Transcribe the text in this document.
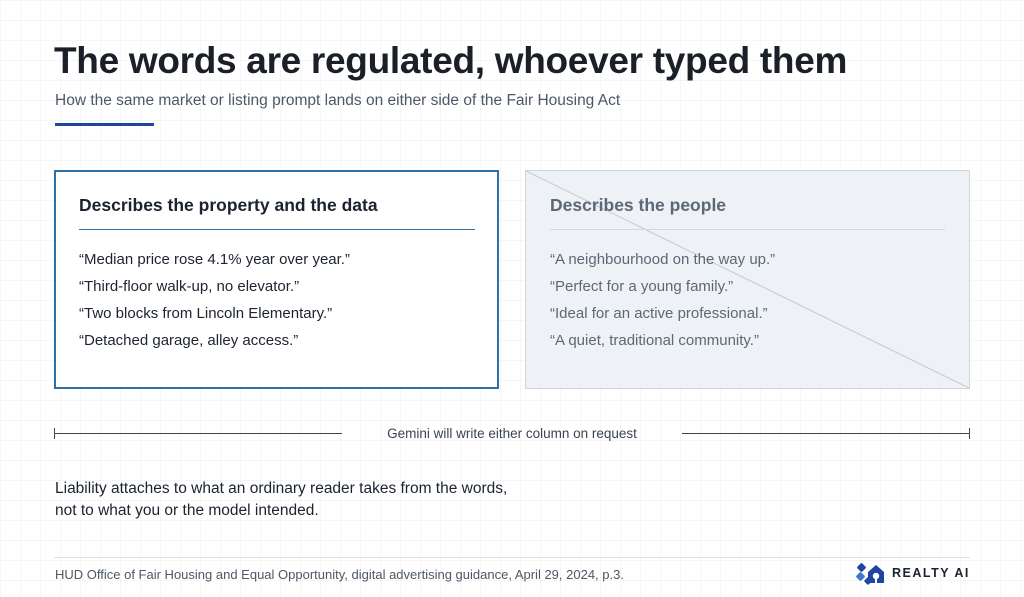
The words are regulated, whoever typed them

How the same market or listing prompt lands on either side of the Fair Housing Act

Describes the property and the data
“Median price rose 4.1% year over year.”
“Third-floor walk-up, no elevator.”
“Two blocks from Lincoln Elementary.”
“Detached garage, alley access.”
Describes the people
“A neighbourhood on the way up.”
“Perfect for a young family.”
“Ideal for an active professional.”
“A quiet, traditional community.”
Gemini will write either column on request

Liability attaches to what an ordinary reader takes from the words,
not to what you or the model intended.

HUD Office of Fair Housing and Equal Opportunity, digital advertising guidance, April 29, 2024, p.3.	REALTY AI
